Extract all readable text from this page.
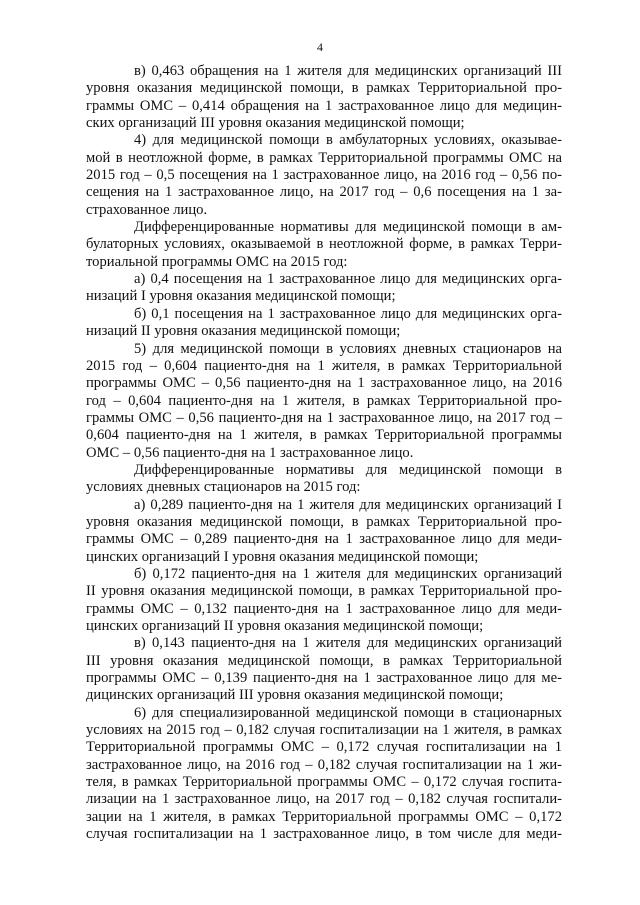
4
в) 0,463 обращения на 1 жителя для медицинских организаций III
уровня оказания медицинской помощи, в рамках Территориальной про-
граммы ОМС – 0,414 обращения на 1 застрахованное лицо для медицин-
ских организаций III уровня оказания медицинской помощи;
4) для медицинской помощи в амбулаторных условиях, оказывае-
мой в неотложной форме, в рамках Территориальной программы ОМС на
2015 год – 0,5 посещения на 1 застрахованное лицо, на 2016 год – 0,56 по-
сещения на 1 застрахованное лицо, на 2017 год – 0,6 посещения на 1 за-
страхованное лицо.
Дифференцированные нормативы для медицинской помощи в ам-
булаторных условиях, оказываемой в неотложной форме, в рамках Терри-
ториальной программы ОМС на 2015 год:
а) 0,4 посещения на 1 застрахованное лицо для медицинских орга-
низаций I уровня оказания медицинской помощи;
б) 0,1 посещения на 1 застрахованное лицо для медицинских орга-
низаций II уровня оказания медицинской помощи;
5) для медицинской помощи в условиях дневных стационаров на
2015 год – 0,604 пациенто-дня на 1 жителя, в рамках Территориальной
программы ОМС – 0,56 пациенто-дня на 1 застрахованное лицо, на 2016
год – 0,604 пациенто-дня на 1 жителя, в рамках Территориальной про-
граммы ОМС – 0,56 пациенто-дня на 1 застрахованное лицо, на 2017 год –
0,604 пациенто-дня на 1 жителя, в рамках Территориальной программы
ОМС – 0,56 пациенто-дня на 1 застрахованное лицо.
Дифференцированные нормативы для медицинской помощи в
условиях дневных стационаров на 2015 год:
а) 0,289 пациенто-дня на 1 жителя для медицинских организаций I
уровня оказания медицинской помощи, в рамках Территориальной про-
граммы ОМС – 0,289 пациенто-дня на 1 застрахованное лицо для меди-
цинских организаций I уровня оказания медицинской помощи;
б) 0,172 пациенто-дня на 1 жителя для медицинских организаций
II уровня оказания медицинской помощи, в рамках Территориальной про-
граммы ОМС – 0,132 пациенто-дня на 1 застрахованное лицо для меди-
цинских организаций II уровня оказания медицинской помощи;
в) 0,143 пациенто-дня на 1 жителя для медицинских организаций
III уровня оказания медицинской помощи, в рамках Территориальной
программы ОМС – 0,139 пациенто-дня на 1 застрахованное лицо для ме-
дицинских организаций III уровня оказания медицинской помощи;
6) для специализированной медицинской помощи в стационарных
условиях на 2015 год – 0,182 случая госпитализации на 1 жителя, в рамках
Территориальной программы ОМС – 0,172 случая госпитализации на 1
застрахованное лицо, на 2016 год – 0,182 случая госпитализации на 1 жи-
теля, в рамках Территориальной программы ОМС – 0,172 случая госпита-
лизации на 1 застрахованное лицо, на 2017 год – 0,182 случая госпитали-
зации на 1 жителя, в рамках Территориальной программы ОМС – 0,172
случая госпитализации на 1 застрахованное лицо, в том числе для меди-
